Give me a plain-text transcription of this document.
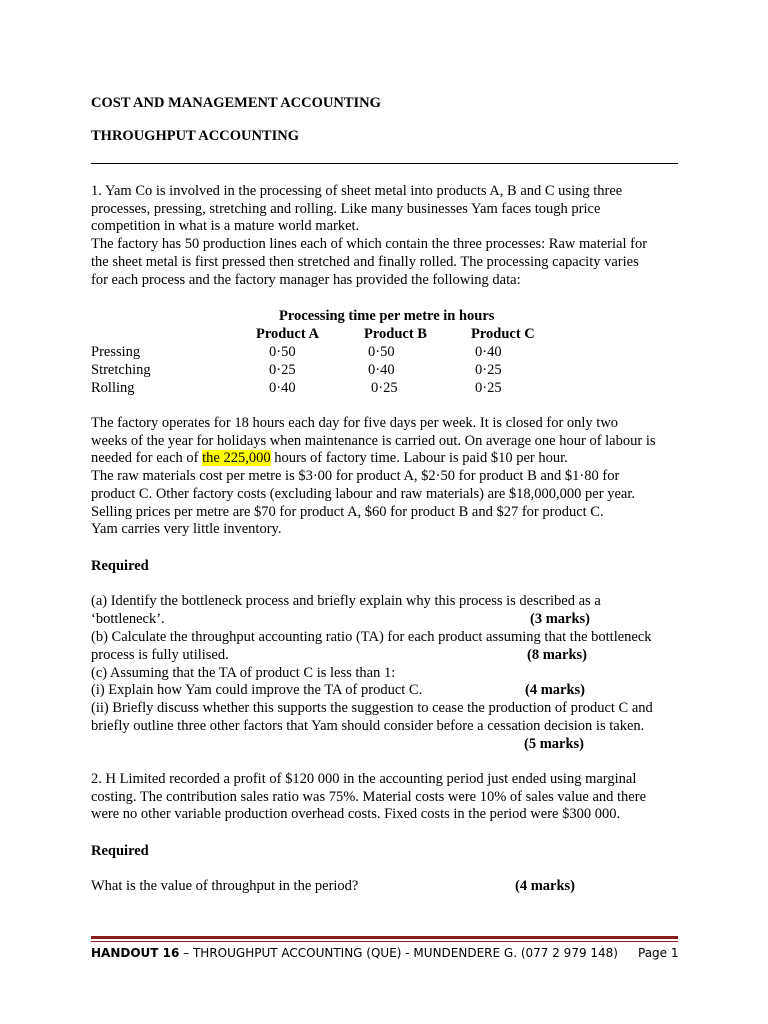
COST AND MANAGEMENT ACCOUNTING
THROUGHPUT ACCOUNTING
1. Yam Co is involved in the processing of sheet metal into products A, B and C using three
processes, pressing, stretching and rolling. Like many businesses Yam faces tough price
competition in what is a mature world market.
The factory has 50 production lines each of which contain the three processes: Raw material for
the sheet metal is first pressed then stretched and finally rolled. The processing capacity varies
for each process and the factory manager has provided the following data:
Processing time per metre in hours
Product A	Product B	Product C
Pressing	0·50	0·50	0·40
Stretching	0·25	0·40	0·25
Rolling	0·40	0·25	0·25
The factory operates for 18 hours each day for five days per week. It is closed for only two
weeks of the year for holidays when maintenance is carried out. On average one hour of labour is
needed for each of the 225,000 hours of factory time. Labour is paid $10 per hour.
The raw materials cost per metre is $3·00 for product A, $2·50 for product B and $1·80 for
product C. Other factory costs (excluding labour and raw materials) are $18,000,000 per year.
Selling prices per metre are $70 for product A, $60 for product B and $27 for product C.
Yam carries very little inventory.
Required
(a) Identify the bottleneck process and briefly explain why this process is described as a
‘bottleneck’.	(3 marks)
(b) Calculate the throughput accounting ratio (TA) for each product assuming that the bottleneck
process is fully utilised.	(8 marks)
(c) Assuming that the TA of product C is less than 1:
(i) Explain how Yam could improve the TA of product C.	(4 marks)
(ii) Briefly discuss whether this supports the suggestion to cease the production of product C and
briefly outline three other factors that Yam should consider before a cessation decision is taken.
(5 marks)
2. H Limited recorded a profit of $120 000 in the accounting period just ended using marginal
costing. The contribution sales ratio was 75%. Material costs were 10% of sales value and there
were no other variable production overhead costs. Fixed costs in the period were $300 000.
Required
What is the value of throughput in the period?	(4 marks)
HANDOUT 16 – THROUGHPUT ACCOUNTING (QUE) - MUNDENDERE G. (077 2 979 148) Page 1
